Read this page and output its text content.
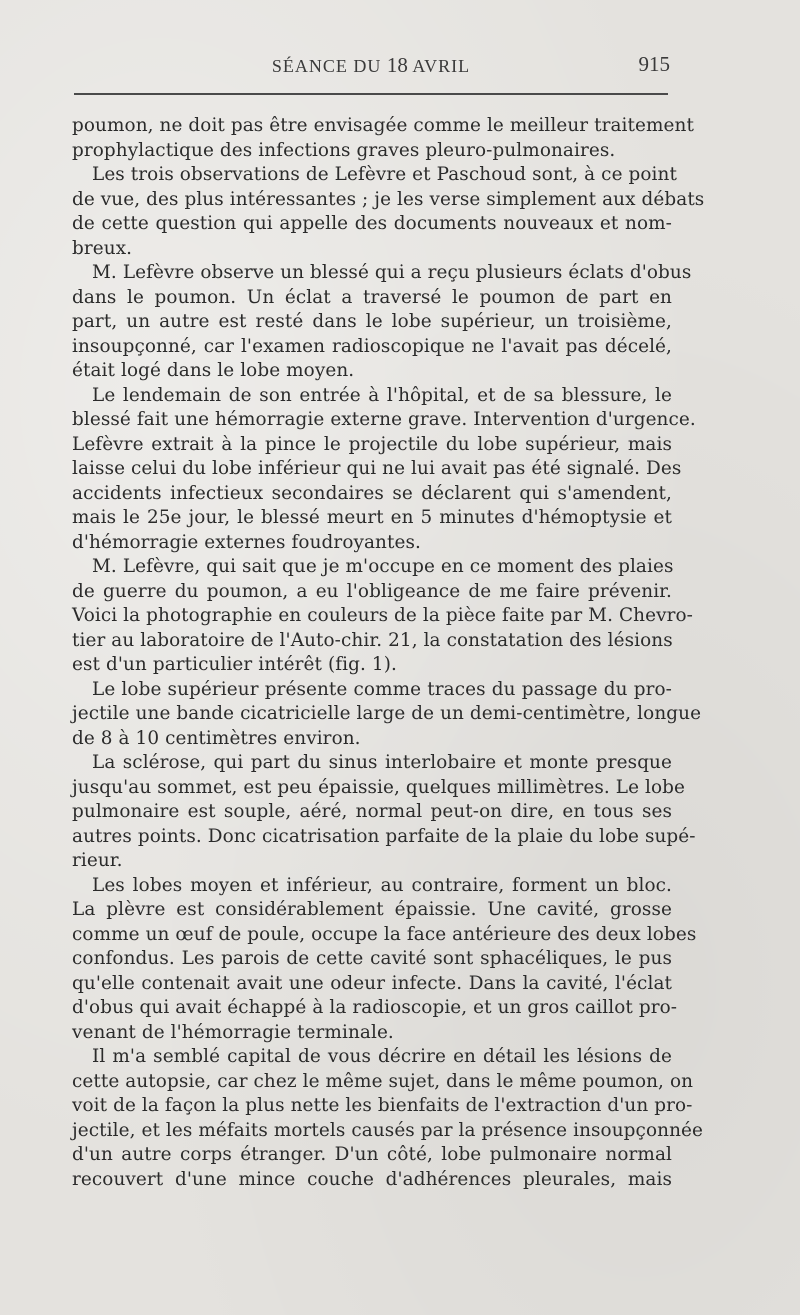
SÉANCE DU 18 AVRIL	915
poumon, ne doit pas être envisagée comme le meilleur traitement
prophylactique des infections graves pleuro-pulmonaires.
Les trois observations de Lefèvre et Paschoud sont, à ce point
de vue, des plus intéressantes ; je les verse simplement aux débats
de cette question qui appelle des documents nouveaux et nom-
breux.
M. Lefèvre observe un blessé qui a reçu plusieurs éclats d'obus
dans le poumon. Un éclat a traversé le poumon de part en
part, un autre est resté dans le lobe supérieur, un troisième,
insoupçonné, car l'examen radioscopique ne l'avait pas décelé,
était logé dans le lobe moyen.
Le lendemain de son entrée à l'hôpital, et de sa blessure, le
blessé fait une hémorragie externe grave. Intervention d'urgence.
Lefèvre extrait à la pince le projectile du lobe supérieur, mais
laisse celui du lobe inférieur qui ne lui avait pas été signalé. Des
accidents infectieux secondaires se déclarent qui s'amendent,
mais le 25e jour, le blessé meurt en 5 minutes d'hémoptysie et
d'hémorragie externes foudroyantes.
M. Lefèvre, qui sait que je m'occupe en ce moment des plaies
de guerre du poumon, a eu l'obligeance de me faire prévenir.
Voici la photographie en couleurs de la pièce faite par M. Chevro-
tier au laboratoire de l'Auto-chir. 21, la constatation des lésions
est d'un particulier intérêt (fig. 1).
Le lobe supérieur présente comme traces du passage du pro-
jectile une bande cicatricielle large de un demi-centimètre, longue
de 8 à 10 centimètres environ.
La sclérose, qui part du sinus interlobaire et monte presque
jusqu'au sommet, est peu épaissie, quelques millimètres. Le lobe
pulmonaire est souple, aéré, normal peut-on dire, en tous ses
autres points. Donc cicatrisation parfaite de la plaie du lobe supé-
rieur.
Les lobes moyen et inférieur, au contraire, forment un bloc.
La plèvre est considérablement épaissie. Une cavité, grosse
comme un œuf de poule, occupe la face antérieure des deux lobes
confondus. Les parois de cette cavité sont sphacéliques, le pus
qu'elle contenait avait une odeur infecte. Dans la cavité, l'éclat
d'obus qui avait échappé à la radioscopie, et un gros caillot pro-
venant de l'hémorragie terminale.
Il m'a semblé capital de vous décrire en détail les lésions de
cette autopsie, car chez le même sujet, dans le même poumon, on
voit de la façon la plus nette les bienfaits de l'extraction d'un pro-
jectile, et les méfaits mortels causés par la présence insoupçonnée
d'un autre corps étranger. D'un côté, lobe pulmonaire normal
recouvert d'une mince couche d'adhérences pleurales, mais
